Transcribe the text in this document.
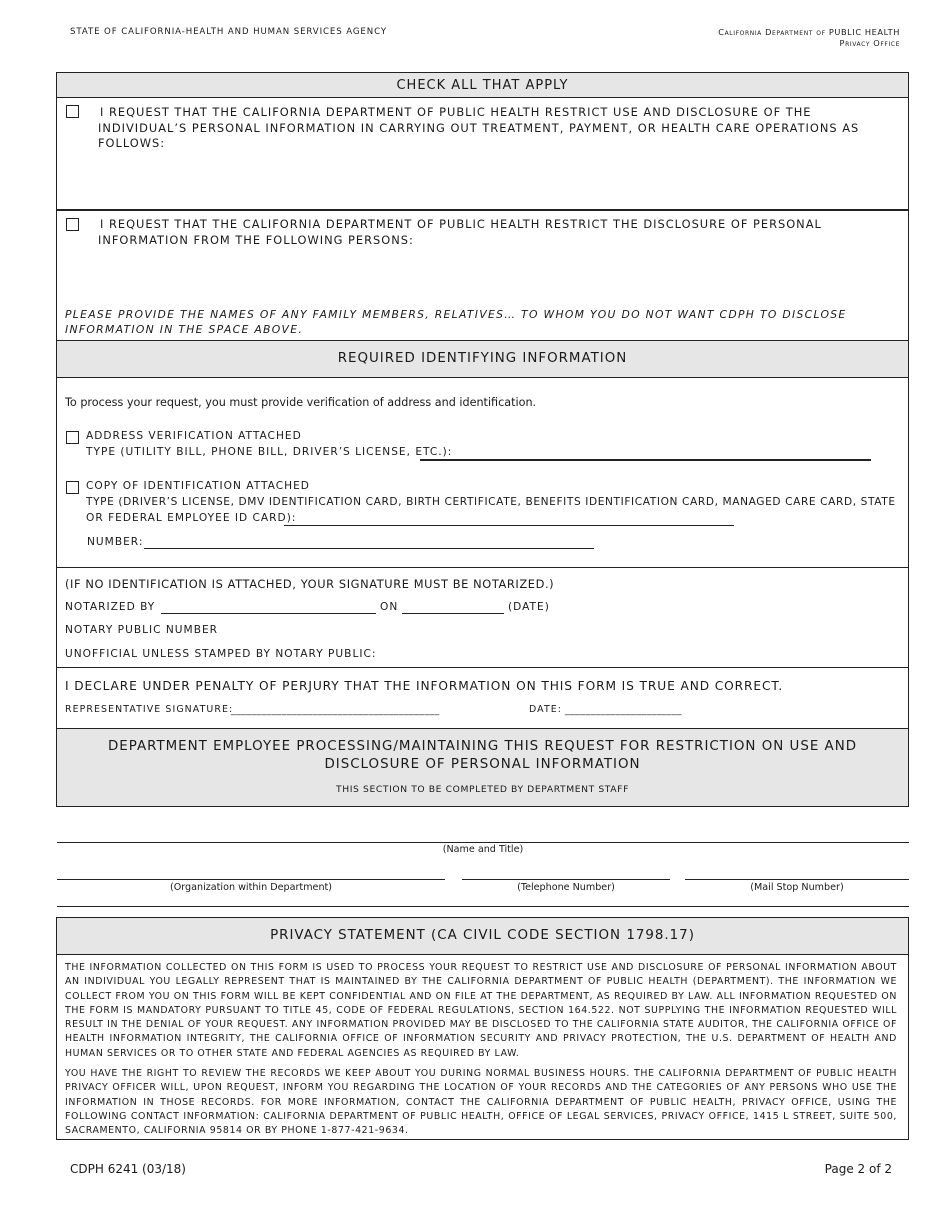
STATE OF CALIFORNIA-HEALTH AND HUMAN SERVICES AGENCY	California Department of PUBLIC HEALTH
Privacy Office
CHECK ALL THAT APPLY
I REQUEST THAT THE CALIFORNIA DEPARTMENT OF PUBLIC HEALTH RESTRICT USE AND DISCLOSURE OF THE INDIVIDUAL’S PERSONAL INFORMATION IN CARRYING OUT TREATMENT, PAYMENT, OR HEALTH CARE OPERATIONS AS FOLLOWS:
I REQUEST THAT THE CALIFORNIA DEPARTMENT OF PUBLIC HEALTH RESTRICT THE DISCLOSURE OF PERSONAL INFORMATION FROM THE FOLLOWING PERSONS:
PLEASE PROVIDE THE NAMES OF ANY FAMILY MEMBERS, RELATIVES… TO WHOM YOU DO NOT WANT CDPH TO DISCLOSE INFORMATION IN THE SPACE ABOVE.
REQUIRED IDENTIFYING INFORMATION
To process your request, you must provide verification of address and identification.
ADDRESS VERIFICATION ATTACHED
TYPE (UTILITY BILL, PHONE BILL, DRIVER’S LICENSE, ETC.):
COPY OF IDENTIFICATION ATTACHED
TYPE (DRIVER’S LICENSE, DMV IDENTIFICATION CARD, BIRTH CERTIFICATE, BENEFITS IDENTIFICATION CARD, MANAGED CARE CARD, STATE
OR FEDERAL EMPLOYEE ID CARD):
NUMBER:
(IF NO IDENTIFICATION IS ATTACHED, YOUR SIGNATURE MUST BE NOTARIZED.)
NOTARIZED BY	ON	(DATE)
NOTARY PUBLIC NUMBER
UNOFFICIAL UNLESS STAMPED BY NOTARY PUBLIC:
I DECLARE UNDER PENALTY OF PERJURY THAT THE INFORMATION ON THIS FORM IS TRUE AND CORRECT.
REPRESENTATIVE SIGNATURE:
_________________________________________	DATE: _______________________
DEPARTMENT EMPLOYEE PROCESSING/MAINTAINING THIS REQUEST FOR RESTRICTION ON USE AND DISCLOSURE OF PERSONAL INFORMATION
THIS SECTION TO BE COMPLETED BY DEPARTMENT STAFF
(Name and Title)
(Organization within Department)	(Telephone Number)	(Mail Stop Number)
PRIVACY STATEMENT (CA CIVIL CODE SECTION 1798.17)
THE INFORMATION COLLECTED ON THIS FORM IS USED TO PROCESS YOUR REQUEST TO RESTRICT USE AND DISCLOSURE OF PERSONAL INFORMATION ABOUT AN INDIVIDUAL YOU LEGALLY REPRESENT THAT IS MAINTAINED BY THE CALIFORNIA DEPARTMENT OF PUBLIC HEALTH (DEPARTMENT). THE INFORMATION WE COLLECT FROM YOU ON THIS FORM WILL BE KEPT CONFIDENTIAL AND ON FILE AT THE DEPARTMENT, AS REQUIRED BY LAW. ALL INFORMATION REQUESTED ON THE FORM IS MANDATORY PURSUANT TO TITLE 45, CODE OF FEDERAL REGULATIONS, SECTION 164.522. NOT SUPPLYING THE INFORMATION REQUESTED WILL RESULT IN THE DENIAL OF YOUR REQUEST. ANY INFORMATION PROVIDED MAY BE DISCLOSED TO THE CALIFORNIA STATE AUDITOR, THE CALIFORNIA OFFICE OF HEALTH INFORMATION INTEGRITY, THE CALIFORNIA OFFICE OF INFORMATION SECURITY AND PRIVACY PROTECTION, THE U.S. DEPARTMENT OF HEALTH AND HUMAN SERVICES OR TO OTHER STATE AND FEDERAL AGENCIES AS REQUIRED BY LAW.
YOU HAVE THE RIGHT TO REVIEW THE RECORDS WE KEEP ABOUT YOU DURING NORMAL BUSINESS HOURS. THE CALIFORNIA DEPARTMENT OF PUBLIC HEALTH PRIVACY OFFICER WILL, UPON REQUEST, INFORM YOU REGARDING THE LOCATION OF YOUR RECORDS AND THE CATEGORIES OF ANY PERSONS WHO USE THE INFORMATION IN THOSE RECORDS. FOR MORE INFORMATION, CONTACT THE CALIFORNIA DEPARTMENT OF PUBLIC HEALTH, PRIVACY OFFICE, USING THE FOLLOWING CONTACT INFORMATION: CALIFORNIA DEPARTMENT OF PUBLIC HEALTH, OFFICE OF LEGAL SERVICES, PRIVACY OFFICE, 1415 L STREET, SUITE 500, SACRAMENTO, CALIFORNIA 95814 OR BY PHONE 1-877-421-9634.
CDPH 6241 (03/18)	Page 2 of 2
